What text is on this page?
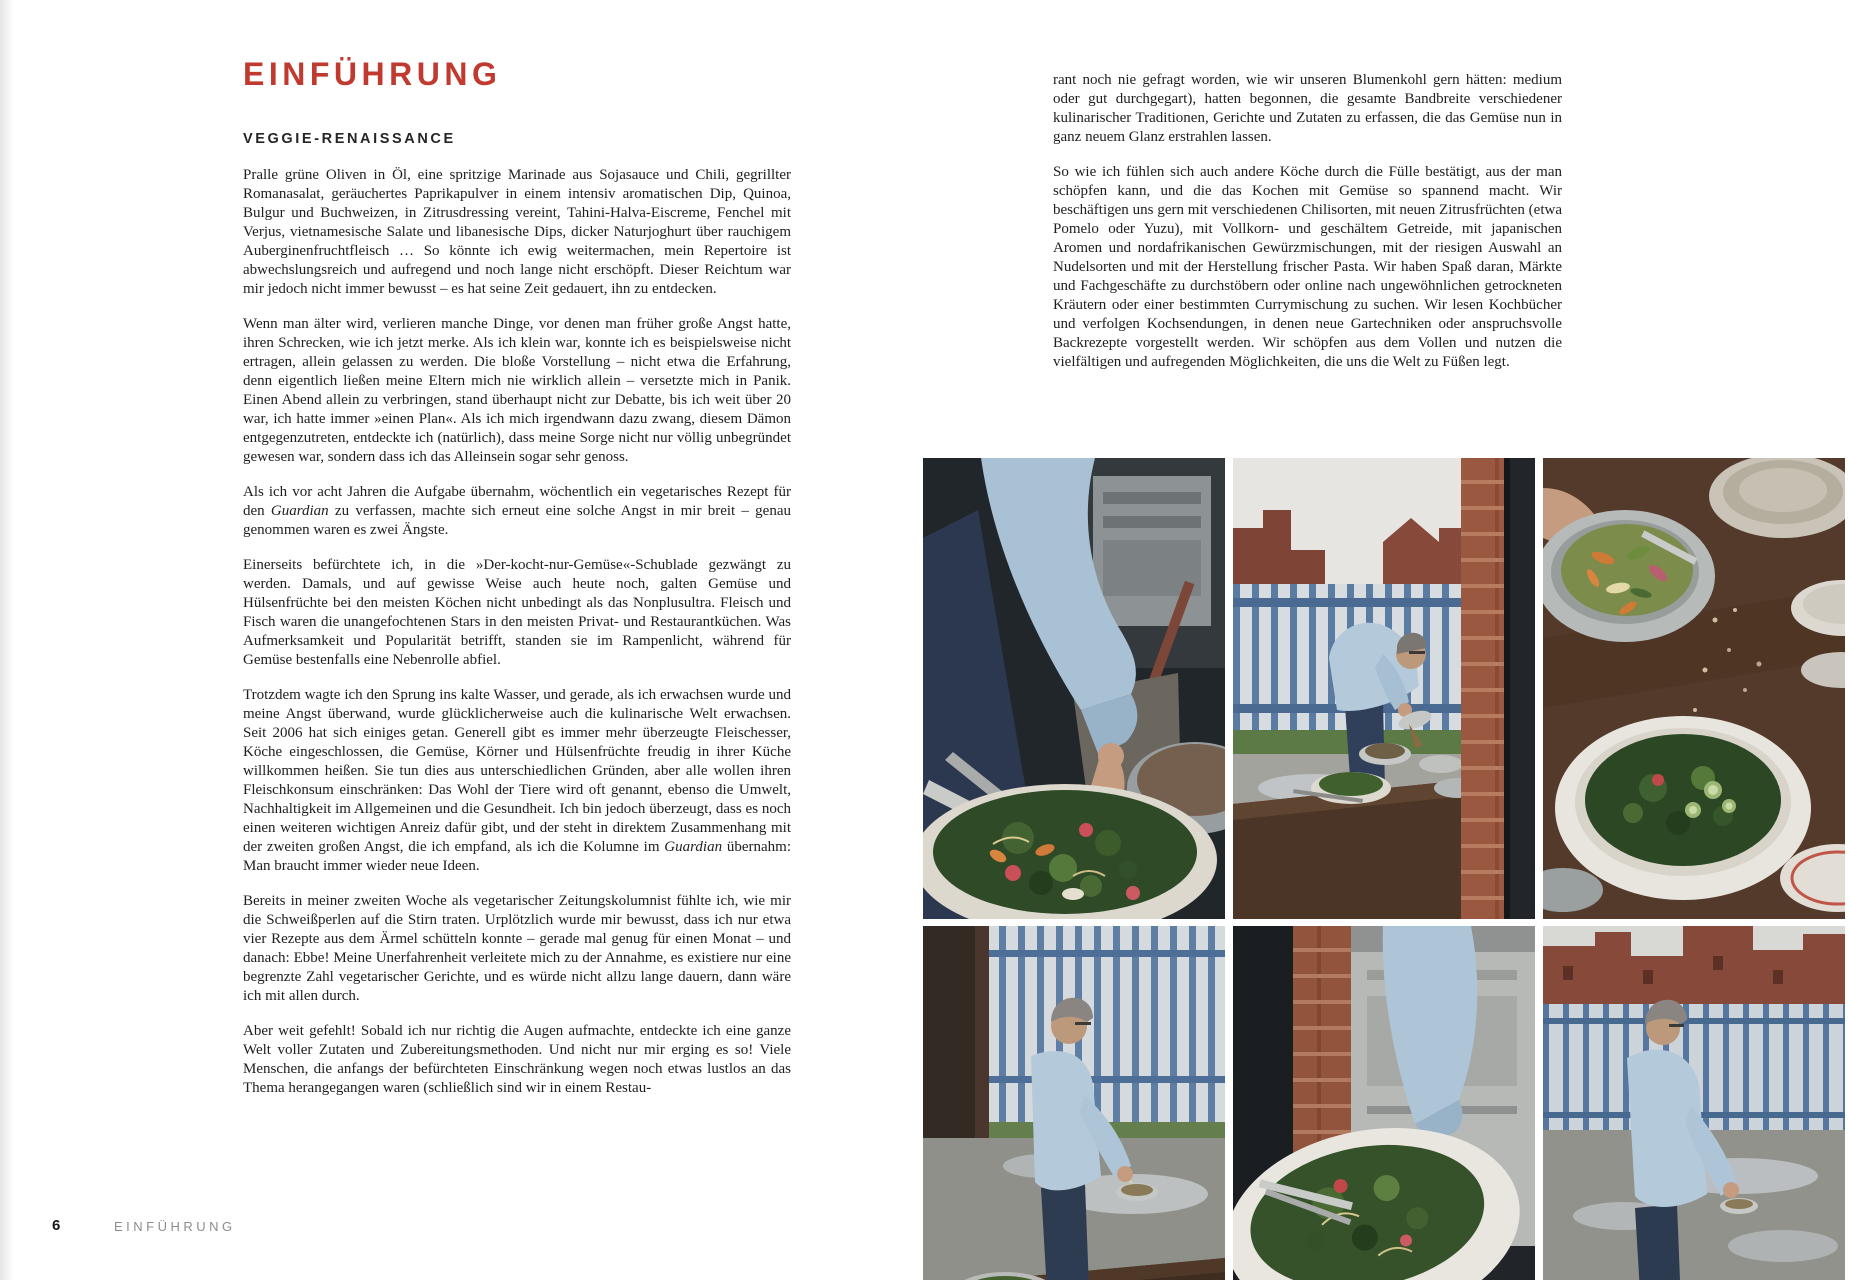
EINFÜHRUNG
VEGGIE-RENAISSANCE

Pralle grüne Oliven in Öl, eine spritzige Marinade aus Sojasauce und Chili, gegrillter Romanasalat, geräuchertes Paprikapulver in einem intensiv aromatischen Dip, Quinoa, Bulgur und Buchweizen, in Zitrusdressing vereint, Tahini-Halva-Eiscreme, Fenchel mit Verjus, vietnamesische Salate und libanesische Dips, dicker Naturjoghurt über rauchigem Auberginenfruchtfleisch … So könnte ich ewig weitermachen, mein Repertoire ist abwechslungsreich und aufregend und noch lange nicht erschöpft. Dieser Reichtum war mir jedoch nicht immer bewusst – es hat seine Zeit gedauert, ihn zu entdecken.

Wenn man älter wird, verlieren manche Dinge, vor denen man früher große Angst hatte, ihren Schrecken, wie ich jetzt merke. Als ich klein war, konnte ich es beispielsweise nicht ertragen, allein gelassen zu werden. Die bloße Vorstellung – nicht etwa die Erfahrung, denn eigentlich ließen meine Eltern mich nie wirklich allein – versetzte mich in Panik. Einen Abend allein zu verbringen, stand überhaupt nicht zur Debatte, bis ich weit über 20 war, ich hatte immer »einen Plan«. Als ich mich irgendwann dazu zwang, diesem Dämon entgegenzutreten, entdeckte ich (natürlich), dass meine Sorge nicht nur völlig unbegründet gewesen war, sondern dass ich das Alleinsein sogar sehr genoss.

Als ich vor acht Jahren die Aufgabe übernahm, wöchentlich ein vegetarisches Rezept für den Guardian zu verfassen, machte sich erneut eine solche Angst in mir breit – genau genommen waren es zwei Ängste.

Einerseits befürchtete ich, in die »Der-kocht-nur-Gemüse«-Schublade gezwängt zu werden. Damals, und auf gewisse Weise auch heute noch, galten Gemüse und Hülsenfrüchte bei den meisten Köchen nicht unbedingt als das Nonplusultra. Fleisch und Fisch waren die unangefochtenen Stars in den meisten Privat- und Restaurantküchen. Was Aufmerksamkeit und Popularität betrifft, standen sie im Rampenlicht, während für Gemüse bestenfalls eine Nebenrolle abfiel.

Trotzdem wagte ich den Sprung ins kalte Wasser, und gerade, als ich erwachsen wurde und meine Angst überwand, wurde glücklicherweise auch die kulinarische Welt erwachsen. Seit 2006 hat sich einiges getan. Generell gibt es immer mehr überzeugte Fleischesser, Köche eingeschlossen, die Gemüse, Körner und Hülsenfrüchte freudig in ihrer Küche willkommen heißen. Sie tun dies aus unterschiedlichen Gründen, aber alle wollen ihren Fleischkonsum einschränken: Das Wohl der Tiere wird oft genannt, ebenso die Umwelt, Nachhaltigkeit im Allgemeinen und die Gesundheit. Ich bin jedoch überzeugt, dass es noch einen weiteren wichtigen Anreiz dafür gibt, und der steht in direktem Zusammenhang mit der zweiten großen Angst, die ich empfand, als ich die Kolumne im Guardian übernahm: Man braucht immer wieder neue Ideen.

Bereits in meiner zweiten Woche als vegetarischer Zeitungskolumnist fühlte ich, wie mir die Schweißperlen auf die Stirn traten. Urplötzlich wurde mir bewusst, dass ich nur etwa vier Rezepte aus dem Ärmel schütteln konnte – gerade mal genug für einen Monat – und danach: Ebbe! Meine Unerfahrenheit verleitete mich zu der Annahme, es existiere nur eine begrenzte Zahl vegetarischer Gerichte, und es würde nicht allzu lange dauern, dann wäre ich mit allen durch.

Aber weit gefehlt! Sobald ich nur richtig die Augen aufmachte, entdeckte ich eine ganze Welt voller Zutaten und Zubereitungsmethoden. Und nicht nur mir erging es so! Viele Menschen, die anfangs der befürchteten Einschränkung wegen noch etwas lustlos an das Thema herangegangen waren (schließlich sind wir in einem Restau-

rant noch nie gefragt worden, wie wir unseren Blumenkohl gern hätten: medium oder gut durchgegart), hatten begonnen, die gesamte Bandbreite verschiedener kulinarischer Traditionen, Gerichte und Zutaten zu erfassen, die das Gemüse nun in ganz neuem Glanz erstrahlen lassen.

So wie ich fühlen sich auch andere Köche durch die Fülle bestätigt, aus der man schöpfen kann, und die das Kochen mit Gemüse so spannend macht. Wir beschäftigen uns gern mit verschiedenen Chilisorten, mit neuen Zitrusfrüchten (etwa Pomelo oder Yuzu), mit Vollkorn- und geschältem Getreide, mit japanischen Aromen und nordafrikanischen Gewürzmischungen, mit der riesigen Auswahl an Nudelsorten und mit der Herstellung frischer Pasta. Wir haben Spaß daran, Märkte und Fachgeschäfte zu durchstöbern oder online nach ungewöhnlichen getrockneten Kräutern oder einer bestimmten Currymischung zu suchen. Wir lesen Kochbücher und verfolgen Kochsendungen, in denen neue Gartechniken oder anspruchsvolle Backrezepte vorgestellt werden. Wir schöpfen aus dem Vollen und nutzen die vielfältigen und aufregenden Möglichkeiten, die uns die Welt zu Füßen legt.

6	EINFÜHRUNG
